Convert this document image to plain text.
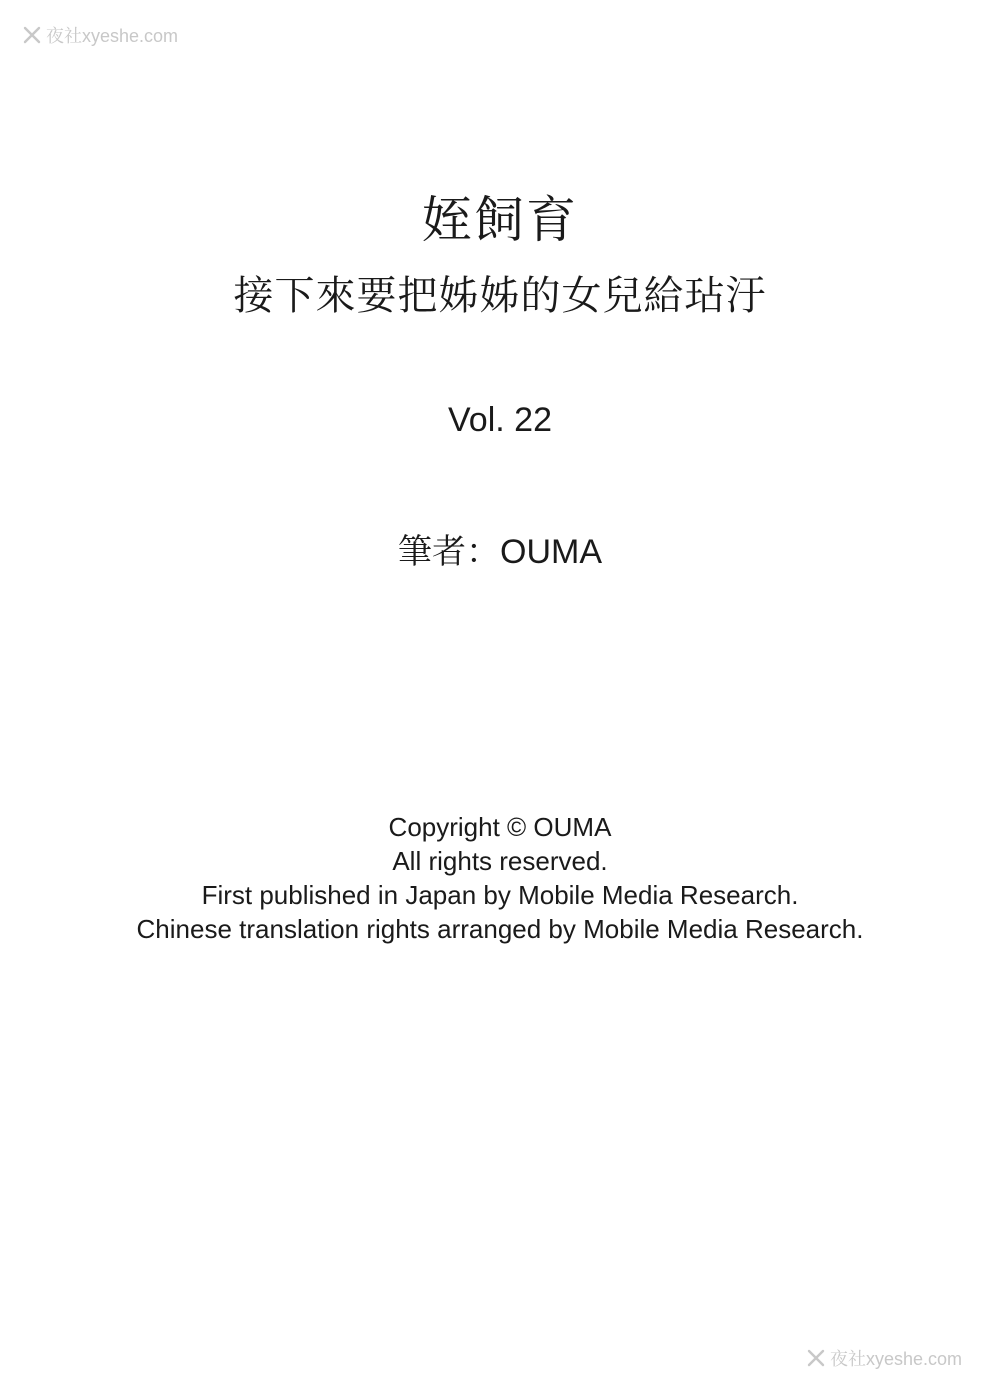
夜社xyeshe.com
姪飼育
接下來要把姊姊的女兒給玷汙
Vol. 22
筆者：OUMA
Copyright © OUMA
All rights reserved.
First published in Japan by Mobile Media Research.
Chinese translation rights arranged by Mobile Media Research.
夜社xyeshe.com
